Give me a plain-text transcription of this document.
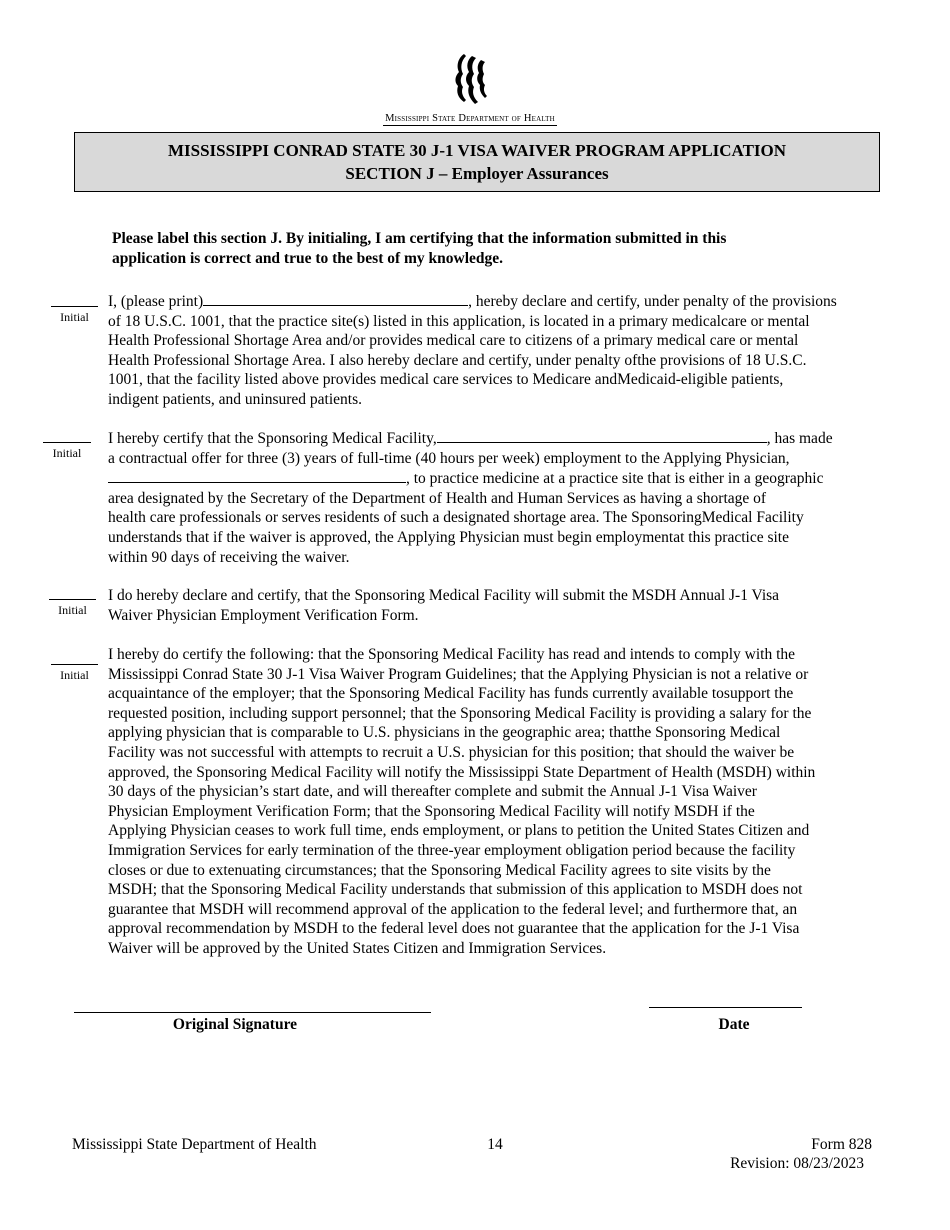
Mississippi State Department of Health
MISSISSIPPI CONRAD STATE 30 J-1 VISA WAIVER PROGRAM APPLICATION
SECTION J – Employer Assurances
Please label this section J. By initialing, I am certifying that the information submitted in this
application is correct and true to the best of my knowledge.
Initial
Initial
Initial
Initial
I, (please print)	, hereby declare and certify, under penalty of the provisions
of 18 U.S.C. 1001, that the practice site(s) listed in this application, is located in a primary medicalcare or mental
Health Professional Shortage Area and/or provides medical care to citizens of a primary medical care or mental
Health Professional Shortage Area. I also hereby declare and certify, under penalty ofthe provisions of 18 U.S.C.
1001, that the facility listed above provides medical care services to Medicare andMedicaid-eligible patients,
indigent patients, and uninsured patients.
I hereby certify that the Sponsoring Medical Facility,	, has made
a contractual offer for three (3) years of full-time (40 hours per week) employment to the Applying Physician,
, to practice medicine at a practice site that is either in a geographic
area designated by the Secretary of the Department of Health and Human Services as having a shortage of
health care professionals or serves residents of such a designated shortage area. The SponsoringMedical Facility
understands that if the waiver is approved, the Applying Physician must begin employmentat this practice site
within 90 days of receiving the waiver.
I do hereby declare and certify, that the Sponsoring Medical Facility will submit the MSDH Annual J-1 Visa
Waiver Physician Employment Verification Form.
I hereby do certify the following: that the Sponsoring Medical Facility has read and intends to comply with the
Mississippi Conrad State 30 J-1 Visa Waiver Program Guidelines; that the Applying Physician is not a relative or
acquaintance of the employer; that the Sponsoring Medical Facility has funds currently available tosupport the
requested position, including support personnel; that the Sponsoring Medical Facility is providing a salary for the
applying physician that is comparable to U.S. physicians in the geographic area; thatthe Sponsoring Medical
Facility was not successful with attempts to recruit a U.S. physician for this position; that should the waiver be
approved, the Sponsoring Medical Facility will notify the Mississippi State Department of Health (MSDH) within
30 days of the physician’s start date, and will thereafter complete and submit the Annual J-1 Visa Waiver
Physician Employment Verification Form; that the Sponsoring Medical Facility will notify MSDH if the
Applying Physician ceases to work full time, ends employment, or plans to petition the United States Citizen and
Immigration Services for early termination of the three-year employment obligation period because the facility
closes or due to extenuating circumstances; that the Sponsoring Medical Facility agrees to site visits by the
MSDH; that the Sponsoring Medical Facility understands that submission of this application to MSDH does not
guarantee that MSDH will recommend approval of the application to the federal level; and furthermore that, an
approval recommendation by MSDH to the federal level does not guarantee that the application for the J-1 Visa
Waiver will be approved by the United States Citizen and Immigration Services.
Original Signature	Date
Mississippi State Department of Health	14	Form 828
Revision: 08/23/2023
